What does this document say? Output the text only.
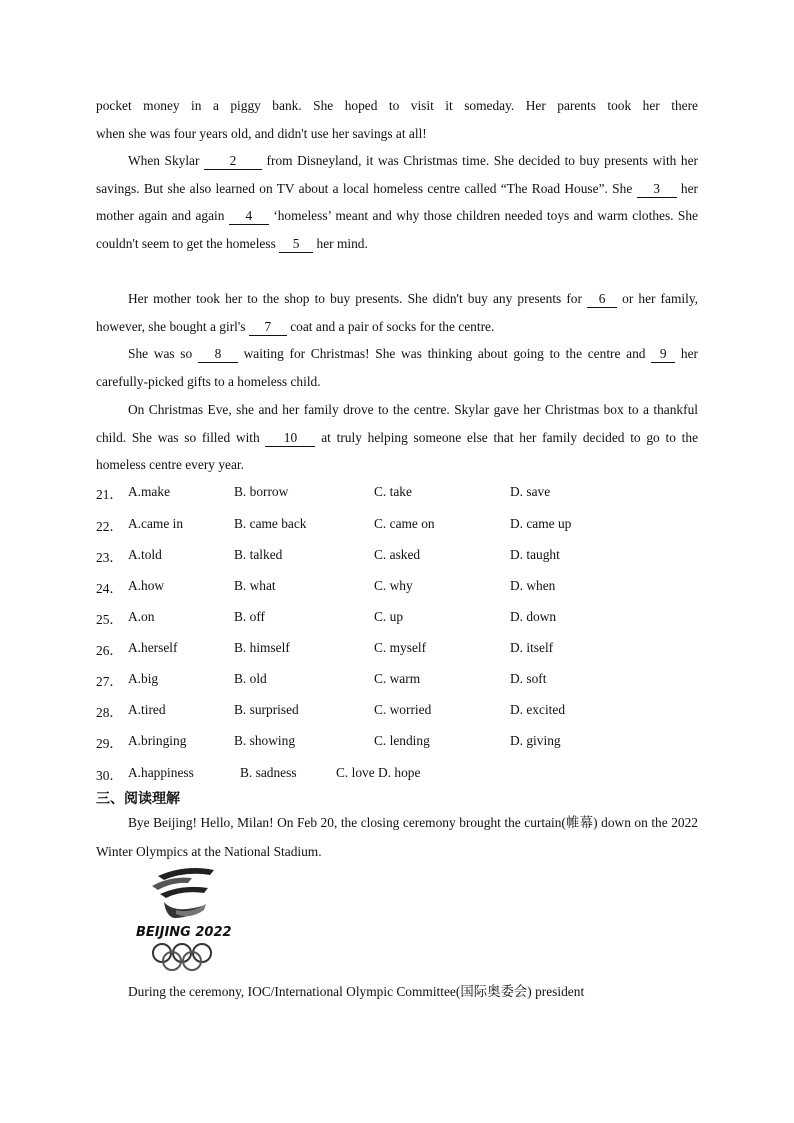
pocket money in a piggy bank. She hoped to visit it someday. Her parents took her there
when she was four years old, and didn't use her savings at all!
When Skylar 2 from Disneyland, it was Christmas time. She decided to buy presents with her savings. But she also learned on TV about a local homeless centre called “The Road House”. She 3 her mother again and again 4 ‘homeless’ meant and why those children needed toys and warm clothes. She couldn't seem to get the homeless 5 her mind.
Her mother took her to the shop to buy presents. She didn't buy any presents for 6 or her family, however, she bought a girl's 7 coat and a pair of socks for the centre.
She was so 8 waiting for Christmas! She was thinking about going to the centre and 9 her carefully-picked gifts to a homeless child.
On Christmas Eve, she and her family drove to the centre. Skylar gave her Christmas box to a thankful child. She was so filled with 10 at truly helping someone else that her family decided to go to the homeless centre every year.
21． A.make	B. borrow	C. take	D. save
22． A.came in	B. came back	C. came on	D. came up
23． A.told	B. talked	C. asked	D. taught
24． A.how	B. what	C. why	D. when
25． A.on	B. off	C. up	D. down
26． A.herself	B. himself	C. myself	D. itself
27． A.big	B. old	C. warm	D. soft
28． A.tired	B. surprised	C. worried	D. excited
29． A.bringing	B. showing	C. lending	D. giving
30． A.happiness	B. sadness	C. love D. hope
三、阅读理解
Bye Beijing! Hello, Milan! On Feb 20, the closing ceremony brought the curtain(帷幕) down on the 2022 Winter Olympics at the National Stadium.
BEIJING 2022
During the ceremony, IOC/International Olympic Committee(国际奥委会) president
